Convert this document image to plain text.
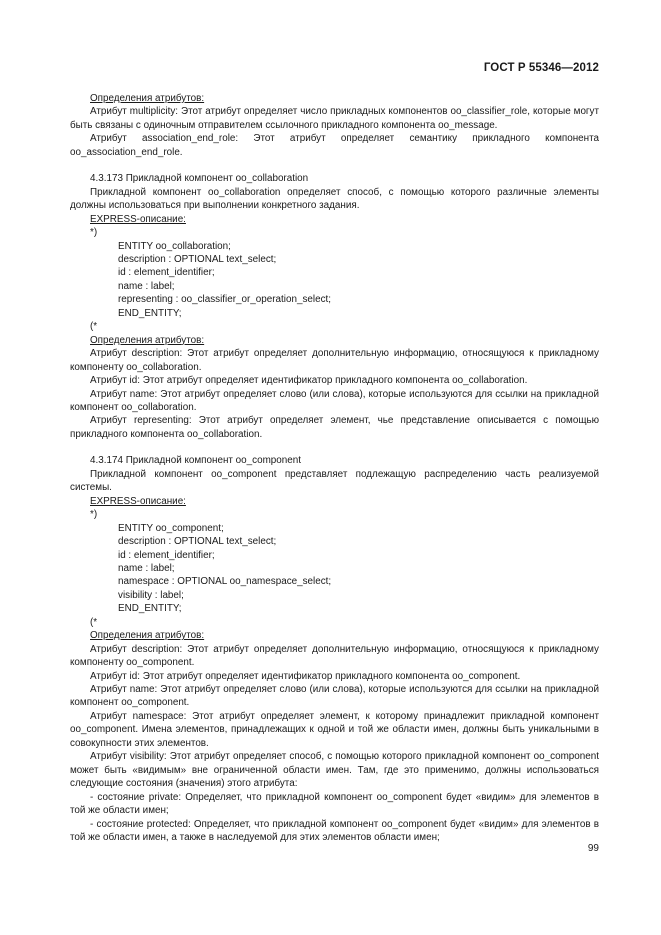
ГОСТ Р 55346—2012

Определения атрибутов:

Атрибут multiplicity: Этот атрибут определяет число прикладных компонентов oo_classifier_role, которые могут быть связаны с одиночным отправителем ссылочного прикладного компонента oo_message.

Атрибут association_end_role: Этот атрибут определяет семантику прикладного компонента oo_association_end_role.

4.3.173 Прикладной компонент oo_collaboration

Прикладной компонент oo_collaboration определяет способ, с помощью которого различные элементы должны использоваться при выполнении конкретного задания.

EXPRESS-описание:

*)

ENTITY oo_collaboration;

description : OPTIONAL text_select;

id : element_identifier;

name : label;

representing : oo_classifier_or_operation_select;

END_ENTITY;

(*

Определения атрибутов:

Атрибут description: Этот атрибут определяет дополнительную информацию, относящуюся к прикладному компоненту oo_collaboration.

Атрибут id: Этот атрибут определяет идентификатор прикладного компонента oo_collaboration.

Атрибут name: Этот атрибут определяет слово (или слова), которые используются для ссылки на прикладной компонент oo_collaboration.

Атрибут representing: Этот атрибут определяет элемент, чье представление описывается с помощью прикладного компонента oo_collaboration.

4.3.174 Прикладной компонент oo_component

Прикладной компонент oo_component представляет подлежащую распределению часть реализуемой системы.

EXPRESS-описание:

*)

ENTITY oo_component;

description : OPTIONAL text_select;

id : element_identifier;

name : label;

namespace : OPTIONAL oo_namespace_select;

visibility : label;

END_ENTITY;

(*

Определения атрибутов:

Атрибут description: Этот атрибут определяет дополнительную информацию, относящуюся к прикладному компоненту oo_component.

Атрибут id: Этот атрибут определяет идентификатор прикладного компонента oo_component.

Атрибут name: Этот атрибут определяет слово (или слова), которые используются для ссылки на прикладной компонент oo_component.

Атрибут namespace: Этот атрибут определяет элемент, к которому принадлежит прикладной компонент oo_component. Имена элементов, принадлежащих к одной и той же области имен, должны быть уникальными в совокупности этих элементов.

Атрибут visibility: Этот атрибут определяет способ, с помощью которого прикладной компонент oo_component может быть «видимым» вне ограниченной области имен. Там, где это применимо, должны использоваться следующие состояния (значения) этого атрибута:

- состояние private: Определяет, что прикладной компонент oo_component будет «видим» для элементов в той же области имен;

- состояние protected: Определяет, что прикладной компонент oo_component будет «видим» для элементов в той же области имен, а также в наследуемой для этих элементов области имен;

99
